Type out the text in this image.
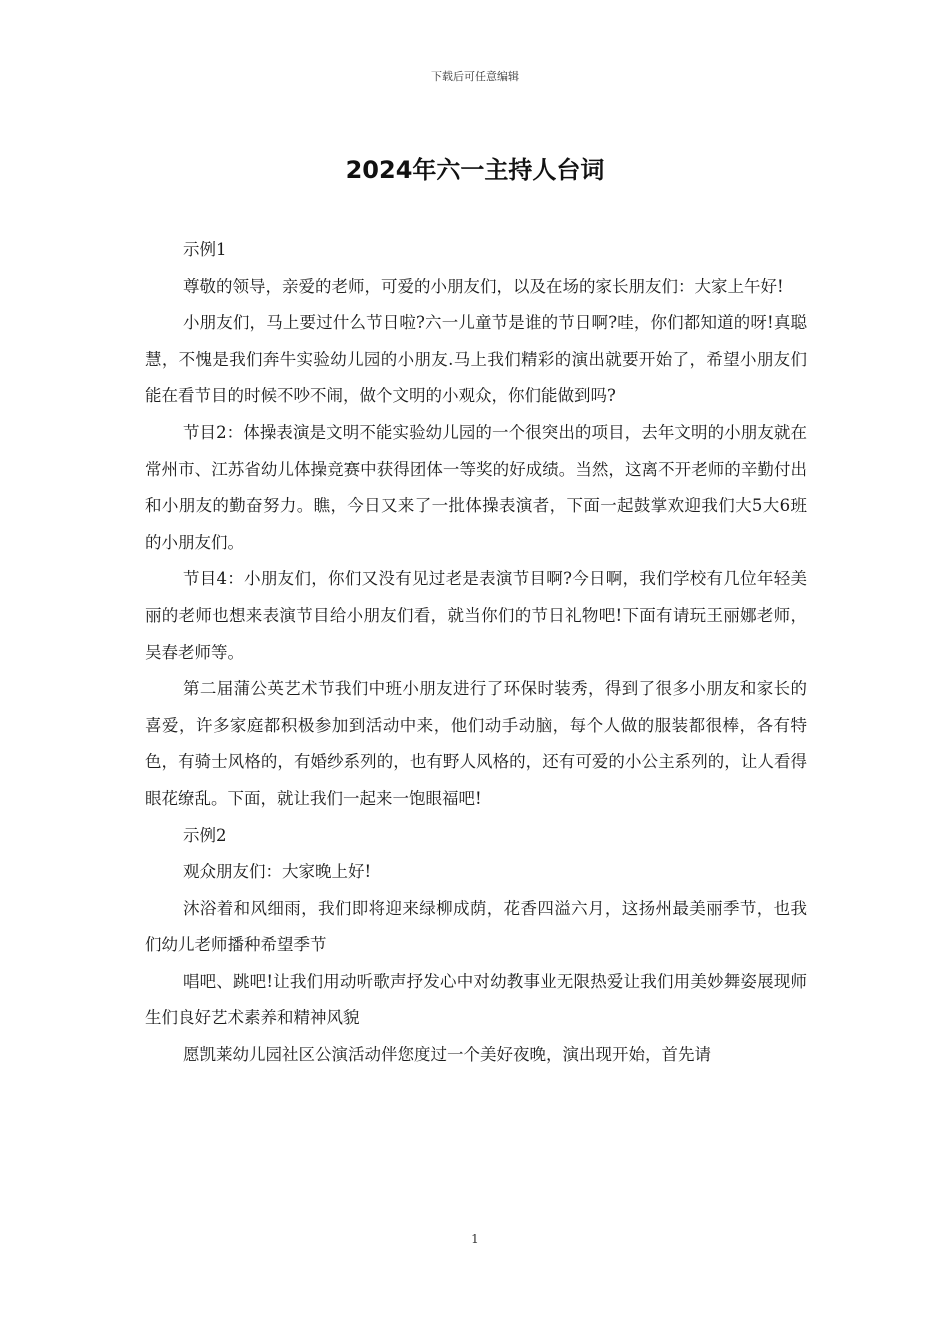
下载后可任意编辑
2024年六一主持人台词

示例1

尊敬的领导，亲爱的老师，可爱的小朋友们，以及在场的家长朋友们：大家上午好!

小朋友们，马上要过什么节日啦?六一儿童节是谁的节日啊?哇，你们都知道的呀!真聪慧，不愧是我们奔牛实验幼儿园的小朋友.马上我们精彩的演出就要开始了，希望小朋友们能在看节目的时候不吵不闹，做个文明的小观众，你们能做到吗?

节目2：体操表演是文明不能实验幼儿园的一个很突出的项目，去年文明的小朋友就在常州市、江苏省幼儿体操竞赛中获得团体一等奖的好成绩。当然，这离不开老师的辛勤付出和小朋友的勤奋努力。瞧，今日又来了一批体操表演者，下面一起鼓掌欢迎我们大5大6班的小朋友们。

节目4：小朋友们，你们又没有见过老是表演节目啊?今日啊，我们学校有几位年轻美丽的老师也想来表演节目给小朋友们看，就当你们的节日礼物吧!下面有请玩王丽娜老师，吴春老师等。

第二届蒲公英艺术节我们中班小朋友进行了环保时装秀，得到了很多小朋友和家长的喜爱，许多家庭都积极参加到活动中来，他们动手动脑，每个人做的服装都很棒，各有特色，有骑士风格的，有婚纱系列的，也有野人风格的，还有可爱的小公主系列的，让人看得眼花缭乱。下面，就让我们一起来一饱眼福吧!

示例2

观众朋友们：大家晚上好!

沐浴着和风细雨，我们即将迎来绿柳成荫，花香四溢六月，这扬州最美丽季节，也我们幼儿老师播种希望季节

唱吧、跳吧!让我们用动听歌声抒发心中对幼教事业无限热爱让我们用美妙舞姿展现师生们良好艺术素养和精神风貌

愿凯莱幼儿园社区公演活动伴您度过一个美好夜晚，演出现开始，首先请

1
